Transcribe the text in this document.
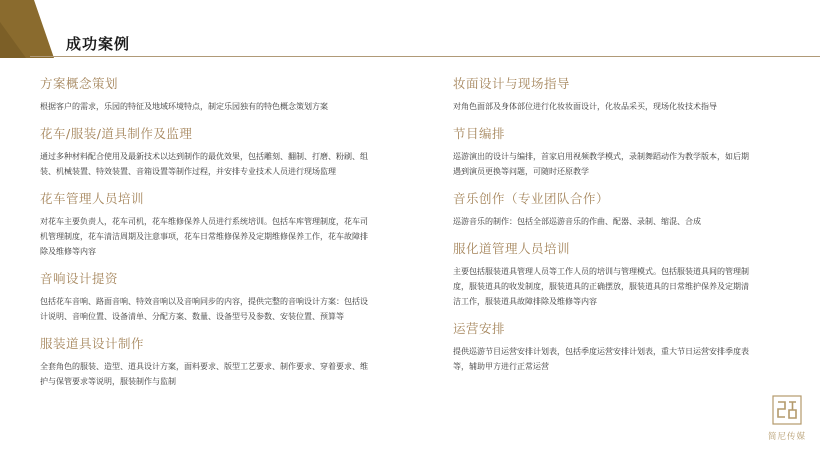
成功案例
方案概念策划

根据客户的需求，乐园的特征及地域环境特点，制定乐园独有的特色概念策划方案

花车/服装/道具制作及监理

通过多种材料配合使用及最新技术以达到制作的最优效果，包括雕刻、翻制、打磨、粉刷、组装、机械装置、特效装置、音箱设置等制作过程，并安排专业技术人员进行现场监理

花车管理人员培训

对花车主要负责人，花车司机，花车维修保养人员进行系统培训。包括车库管理制度，花车司机管理制度，花车清洁周期及注意事项，花车日常维修保养及定期维修保养工作，花车故障排除及维修等内容

音响设计提资

包括花车音响、路面音响、特效音响以及音响同步的内容，提供完整的音响设计方案：包括设计说明、音响位置、设备清单、分配方案、数量、设备型号及参数、安装位置、预算等

服装道具设计制作

全套角色的服装、造型、道具设计方案，面料要求、版型工艺要求、制作要求、穿着要求、维护与保管要求等说明，服装制作与监制

妆面设计与现场指导

对角色面部及身体部位进行化妆妆面设计，化妆品采买，现场化妆技术指导

节目编排

巡游演出的设计与编排，首家启用视频教学模式，录制舞蹈动作为教学版本，如后期遇到演员更换等问题，可随时还原教学

音乐创作（专业团队合作）

巡游音乐的制作：包括全部巡游音乐的作曲、配器、录制、缩混、合成

服化道管理人员培训

主要包括服装道具管理人员等工作人员的培训与管理模式。包括服装道具间的管理制度，服装道具的收发制度，服装道具的正确摆放，服装道具的日常维护保养及定期清洁工作，服装道具故障排除及维修等内容

运营安排

提供巡游节目运营安排计划表，包括季度运营安排计划表，重大节日运营安排季度表等，辅助甲方进行正常运营

简尼传媒
